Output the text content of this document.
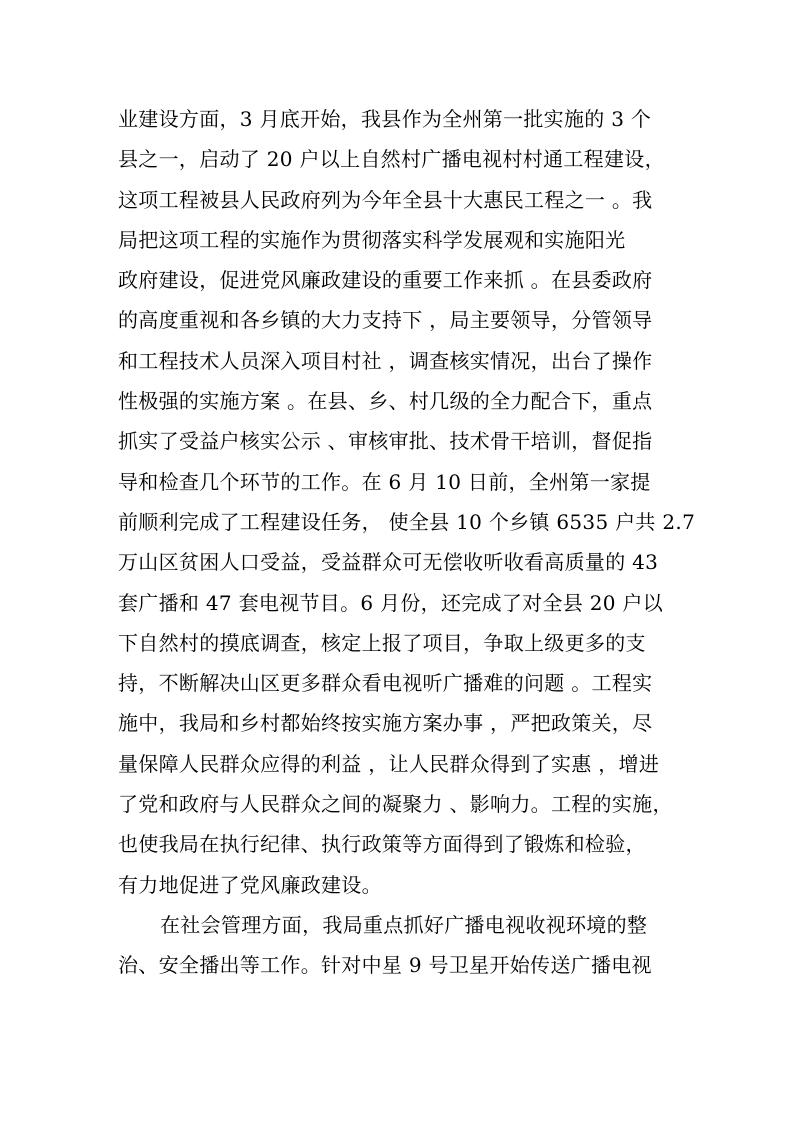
业建设方面，3 月底开始，我县作为全州第一批实施的 3 个
县之一，启动了 20 户以上自然村广播电视村村通工程建设，
这项工程被县人民政府列为今年全县十大惠民工程之一 。我
局把这项工程的实施作为贯彻落实科学发展观和实施阳光
政府建设，促进党风廉政建设的重要工作来抓 。在县委政府
的高度重视和各乡镇的大力支持下 ，局主要领导，分管领导
和工程技术人员深入项目村社 ，调查核实情况，出台了操作
性极强的实施方案 。在县、乡、村几级的全力配合下，重点
抓实了受益户核实公示 、审核审批、技术骨干培训，督促指
导和检查几个环节的工作。在 6 月 10 日前，全州第一家提
前顺利完成了工程建设任务， 使全县 10 个乡镇 6535 户共 2.7
万山区贫困人口受益，受益群众可无偿收听收看高质量的 43
套广播和 47 套电视节目。6 月份，还完成了对全县 20 户以
下自然村的摸底调查，核定上报了项目，争取上级更多的支
持，不断解决山区更多群众看电视听广播难的问题 。工程实
施中，我局和乡村都始终按实施方案办事 ，严把政策关，尽
量保障人民群众应得的利益 ，让人民群众得到了实惠 ，增进
了党和政府与人民群众之间的凝聚力 、影响力。工程的实施，
也使我局在执行纪律、执行政策等方面得到了锻炼和检验，
有力地促进了党风廉政建设。
在社会管理方面，我局重点抓好广播电视收视环境的整
治、安全播出等工作。针对中星 9 号卫星开始传送广播电视
